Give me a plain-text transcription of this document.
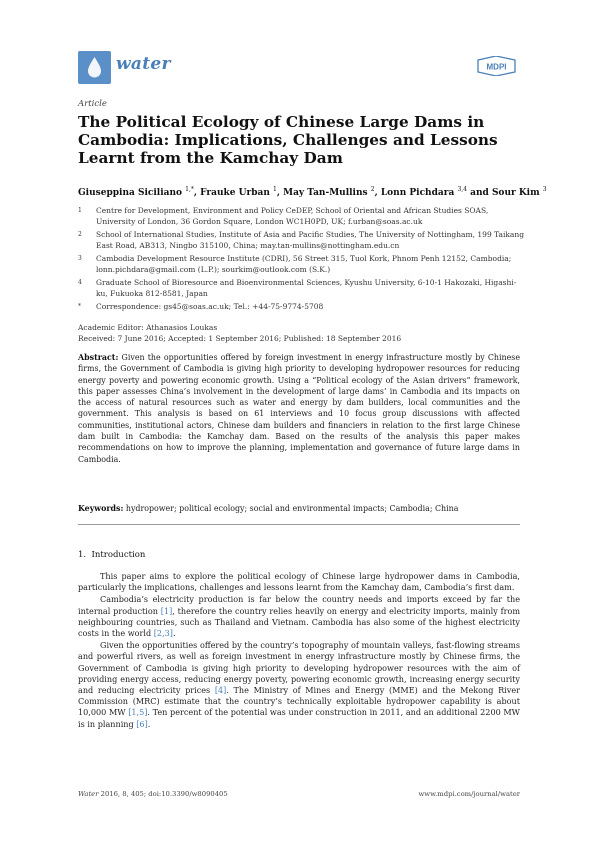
water	MDPI
Article
The Political Ecology of Chinese Large Dams in Cambodia: Implications, Challenges and Lessons Learnt from the Kamchay Dam
Giuseppina Siciliano $^{1,*}$, Frauke Urban $^1$, May Tan-Mullins $^2$, Lonn Pichdara $^{3,4}$ and Sour Kim $^3$
1	Centre for Development, Environment and Policy CeDEP, School of Oriental and African Studies SOAS, University of London, 36 Gordon Square, London WC1H0PD, UK; f.urban@soas.ac.uk
2	School of International Studies, Institute of Asia and Pacific Studies, The University of Nottingham, 199 Taikang East Road, AB313, Ningbo 315100, China; may.tan-mullins@nottingham.edu.cn
3	Cambodia Development Resource Institute (CDRI), 56 Street 315, Tuol Kork, Phnom Penh 12152, Cambodia; lonn.pichdara@gmail.com (L.P.); sourkim@outlook.com (S.K.)
4	Graduate School of Bioresource and Bioenvironmental Sciences, Kyushu University, 6-10-1 Hakozaki, Higashi-ku, Fukuoka 812-8581, Japan
*	Correspondence: gs45@soas.ac.uk; Tel.: +44-75-9774-5708
Academic Editor: Athanasios Loukas
Received: 7 June 2016; Accepted: 1 September 2016; Published: 18 September 2016
Abstract: Given the opportunities offered by foreign investment in energy infrastructure mostly by Chinese firms, the Government of Cambodia is giving high priority to developing hydropower resources for reducing energy poverty and powering economic growth. Using a “Political ecology of the Asian drivers” framework, this paper assesses China’s involvement in the development of large dams’ in Cambodia and its impacts on the access of natural resources such as water and energy by dam builders, local communities and the government. This analysis is based on 61 interviews and 10 focus group discussions with affected communities, institutional actors, Chinese dam builders and financiers in relation to the first large Chinese dam built in Cambodia: the Kamchay dam. Based on the results of the analysis this paper makes recommendations on how to improve the planning, implementation and governance of future large dams in Cambodia.
Keywords: hydropower; political ecology; social and environmental impacts; Cambodia; China
1. Introduction

This paper aims to explore the political ecology of Chinese large hydropower dams in Cambodia, particularly the implications, challenges and lessons learnt from the Kamchay dam, Cambodia’s first dam.

Cambodia’s electricity production is far below the country needs and imports exceed by far the internal production [1], therefore the country relies heavily on energy and electricity imports, mainly from neighbouring countries, such as Thailand and Vietnam. Cambodia has also some of the highest electricity costs in the world [2,3].

Given the opportunities offered by the country’s topography of mountain valleys, fast-flowing streams and powerful rivers, as well as foreign investment in energy infrastructure mostly by Chinese firms, the Government of Cambodia is giving high priority to developing hydropower resources with the aim of providing energy access, reducing energy poverty, powering economic growth, increasing energy security and reducing electricity prices [4]. The Ministry of Mines and Energy (MME) and the Mekong River Commission (MRC) estimate that the country’s technically exploitable hydropower capability is about 10,000 MW [1,5]. Ten percent of the potential was under construction in 2011, and an additional 2200 MW is in planning [6].

Water 2016, 8, 405; doi:10.3390/w8090405	www.mdpi.com/journal/water
